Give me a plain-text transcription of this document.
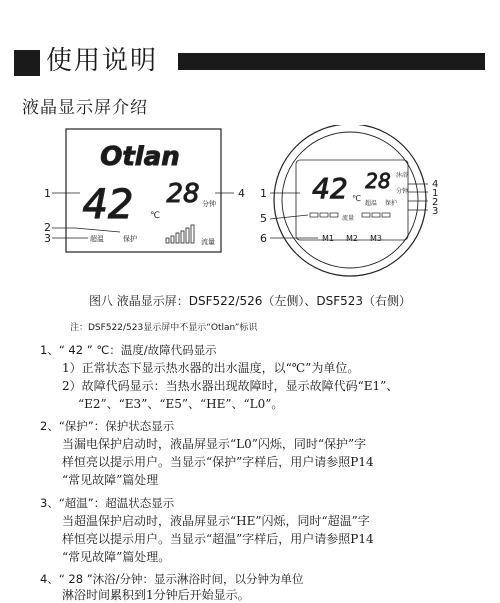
使用说明
液晶显示屏介绍
Otlan
42 ℃
28 分钟
超温	保护	流量
1
2
3
4 42 ℃
28 沐浴
分钟
超温 保护
流量
M1 M2 M3
1
5
6
4
1
2
3
图八 液晶显示屏：DSF522/526（左侧）、DSF523（右侧）
注：DSF522/523显示屏中不显示“Otlan”标识
1、“ 42 ” ℃：温度/故障代码显示
1）正常状态下显示热水器的出水温度，以“℃”为单位。
2）故障代码显示：当热水器出现故障时，显示故障代码“E1”、
“E2”、“E3”、“E5”、“HE”、“L0”。
2、“保护”：保护状态显示
当漏电保护启动时，液晶屏显示“L0”闪烁，同时“保护”字
样恒亮以提示用户。当显示“保护”字样后，用户请参照P14
“常见故障”篇处理
3、“超温”：超温状态显示
当超温保护启动时，液晶屏显示“HE”闪烁，同时“超温”字
样恒亮以提示用户。当显示“超温”字样后，用户请参照P14
“常见故障”篇处理。
4、“ 28 ”沐浴/分钟：显示淋浴时间，以分钟为单位
淋浴时间累积到1分钟后开始显示。
